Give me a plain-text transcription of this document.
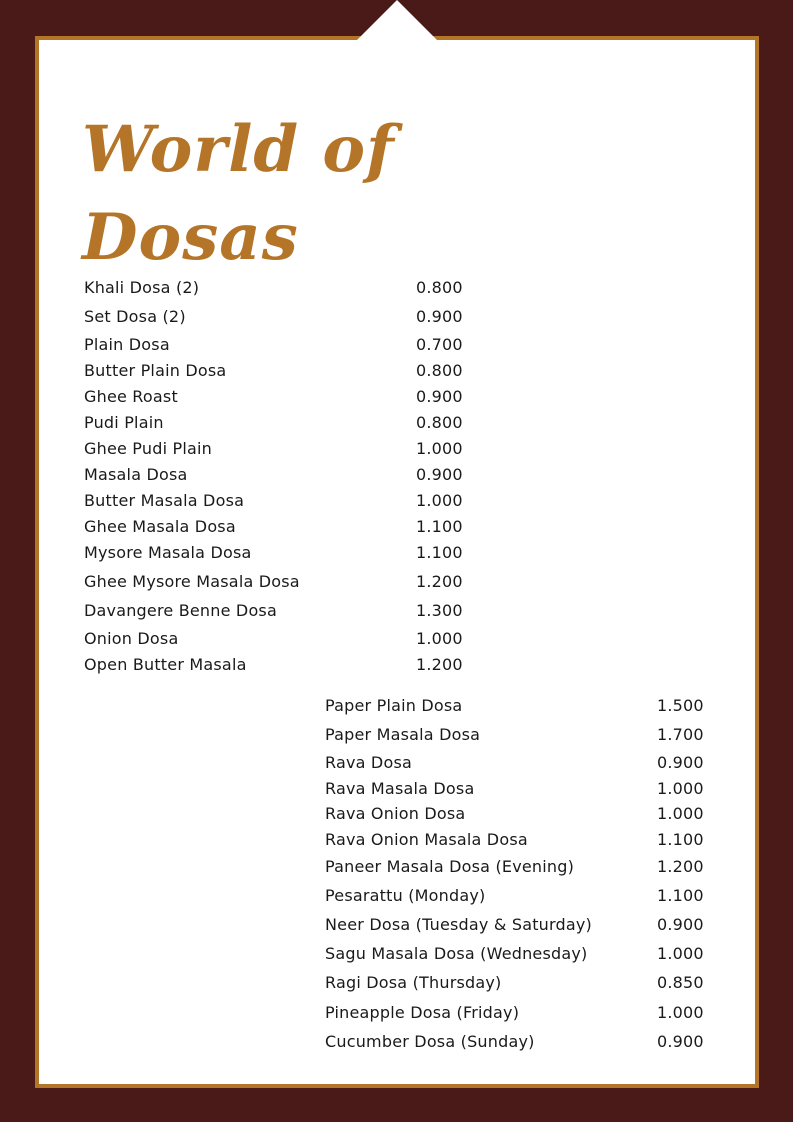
World of
Dosas
Khali Dosa (2)	0.800
Set Dosa (2)	0.900
Plain Dosa	0.700
Butter Plain Dosa	0.800
Ghee Roast	0.900
Pudi Plain	0.800
Ghee Pudi Plain	1.000
Masala Dosa	0.900
Butter Masala Dosa	1.000
Ghee Masala Dosa	1.100
Mysore Masala Dosa	1.100
Ghee Mysore Masala Dosa	1.200
Davangere Benne Dosa	1.300
Onion Dosa	1.000
Open Butter Masala	1.200
Paper Plain Dosa	1.500
Paper Masala Dosa	1.700
Rava Dosa	0.900
Rava Masala Dosa	1.000
Rava Onion Dosa	1.000
Rava Onion Masala Dosa	1.100
Paneer Masala Dosa (Evening)	1.200
Pesarattu (Monday)	1.100
Neer Dosa (Tuesday & Saturday)	0.900
Sagu Masala Dosa (Wednesday)	1.000
Ragi Dosa (Thursday)	0.850
Pineapple Dosa (Friday)	1.000
Cucumber Dosa (Sunday)	0.900
